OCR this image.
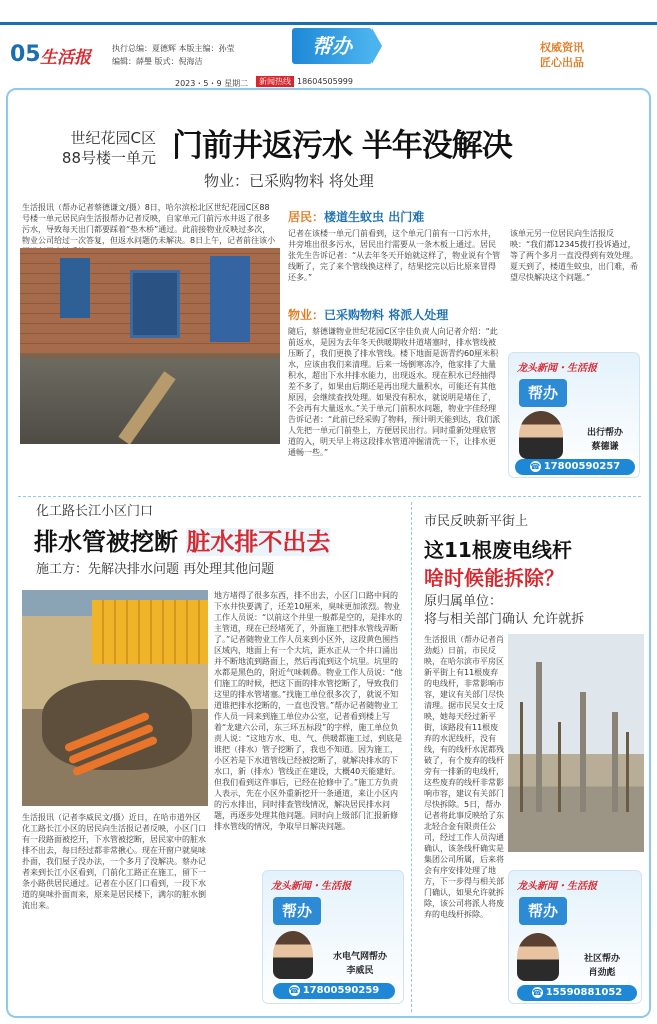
05 生活报	执行总编：夏德辉 本版主编：孙莹
编辑：薛璺 版式：倪海洁
帮办	权威资讯
匠心出品
2023・5・9 星期二	新闻热线 18604505999
世纪花园C区
88号楼一单元 门前井返污水 半年没解决
物业：已采购物料 将处理
生活报讯（帮办记者蔡德谦文/摄）8日，哈尔滨松北区世纪花园C区88号楼一单元居民向生活报帮办记者反映，自家单元门前污水井返了很多污水，导致每天出门都要踩着“垫木桥”通过。此前接物业反映过多次，物业公司给过一次答复，但返水问题仍未解决。8日上午，记者前往该小
居民：楼道生蚊虫 出门难
记者在该楼一单元门前看到，这个单元门前有一口污水井，井旁堆出很多污水，居民出行需要从一条木板上通过。居民张先生告诉记者：“从去年冬天开始就这样了，物业说有个管线断了，完了来个管线换这样了，结果挖完以后比原来冒得还多。”
该单元另一位居民向生活报反映：“我们都12345拨打投诉過过，等了两个多月一直没得到有效处理。夏天到了，楼道生蚊虫，出门难，希望尽快解决这个问题。”
物业：已采购物料 将派人处理
随后，蔡德谦物业世纪花园C区字佳负责人向记者介绍：“此前返水，是因为去年冬天供暖期收井道堵塞时，排水管线被压断了，我们更换了排水管线。楼下地面是沥青约60厘米积水，应该由我们来清理。后来一场倒寒冻冷，他家排了大量积水，超出下水井排水能力，出现返水。现在积水已经抽得差不多了，如果由后期还是再出现大量积水，可能还有其他原因，会继续查找处理。如果没有积水，就说明是堵住了，不会再有大量返水。”关于单元门前积水问题，物业字佳经理告诉记者：“此前已经采购了物料，预计明天能到达，我们派人先把一单元门前垫上，方便居民出行。同时重新处理底管道的入，明天早上将这段排水管道冲掘清洗一下，让排水更通畅一些。”
龙头新闻・生活报
帮办
出行帮办
蔡德谦
☎ 17800590257
化工路长江小区门口
排水管被挖断 脏水排不出去
施工方：先解决排水问题 再处理其他问题
生活报讯（记者李威民文/摄）近日，在哈市道外区化工路长江小区的居民向生活报记者反映，小区门口有一段路面被挖开，下水管被挖断，居民家中的脏水排不出去，每日经过都非常揪心。现在开窗户就臭味扑面，我们屋子没办法，一个多月了没解决。蔡办记者来到长江小区看到，门前化工路正在施工，留下一条小路供居民通过。记者在小区门口看到，一段下水道的臭味扑面而来，原来是居民楼下，满尔的脏水倒流出来。
地方堵得了很多东西，排不出去，小区门口路中间的下水井快要满了，还差10厘米，臭味更加浓烈。物业工作人员说：“以前这个井里一般都是空的，是排水的主管道，现在已经堵死了，外面施工把排水管线弄断了。”记者随物业工作人员来到小区外，这段黄色围挡区域内，地面上有一个大坑，距水正从一个井口涌出并不断地流到路面上，然后再流到这个坑里。坑里的水都是黑色的，附近气味刺鼻。物业工作人员说：“他们施工的时候，把这下面的排水管挖断了，导致我们这里的排水管堵塞。”找施工单位很多次了，就说不知道谁把排水挖断的，一直也没管。”帮办记者随物业工作人员一同来到施工单位办公室，记者看到楼上写着“龙建六公司，东三环五标段”的字样，施工单位负责人说：“这地方水、电、气、供暖都施工过，到底是谁把（排水）管子挖断了，我也不知道。因为施工，小区若是下水道管线已经被挖断了，就解决排水的下水口，新（排水）管线正在建设，大概40天能建好。但我们看到这件事后，已经在抢修中了。”施工方负责人表示，先在小区外重新挖开一条通道，来让小区内的污水排出，同时排查管线情况，解决居民排水问题，再逐步处理其他问题。同时向上级部门汇报新修排水管线的情况，争取早日解决问题。
龙头新闻・生活报
帮办
水电气网帮办
李威民
☎ 17800590259
市民反映新平街上
这11根废电线杆
啥时候能拆除？
原归属单位：
将与相关部门确认 允许就拆
生活报讯（帮办记者肖劲彪）日前，市民反映，在哈尔滨市平房区新平街上有11根废弃的电线杆，非常影响市容，建议有关部门尽快清理。据市民吴女士反映，她每天经过新平街，该路段有11根废弃的水泥线杆，没有线，有的线杆水泥都残破了，有个废弃的线杆旁有一排新的电线杆，这些废弃的线杆非常影响市容，建议有关部门尽快拆除。5日，帮办记者将此事反映给了东北轻合金有限责任公司，经过工作人员沟通确认，该条线杆确实是集团公司所属，后来将会有序安排处理了地方，下一步得与相关部门确认，如果允许就拆除，该公司将派人将废弃的电线杆拆除。
龙头新闻・生活报
帮办
社区帮办
肖劲彪
☎ 15590881052
